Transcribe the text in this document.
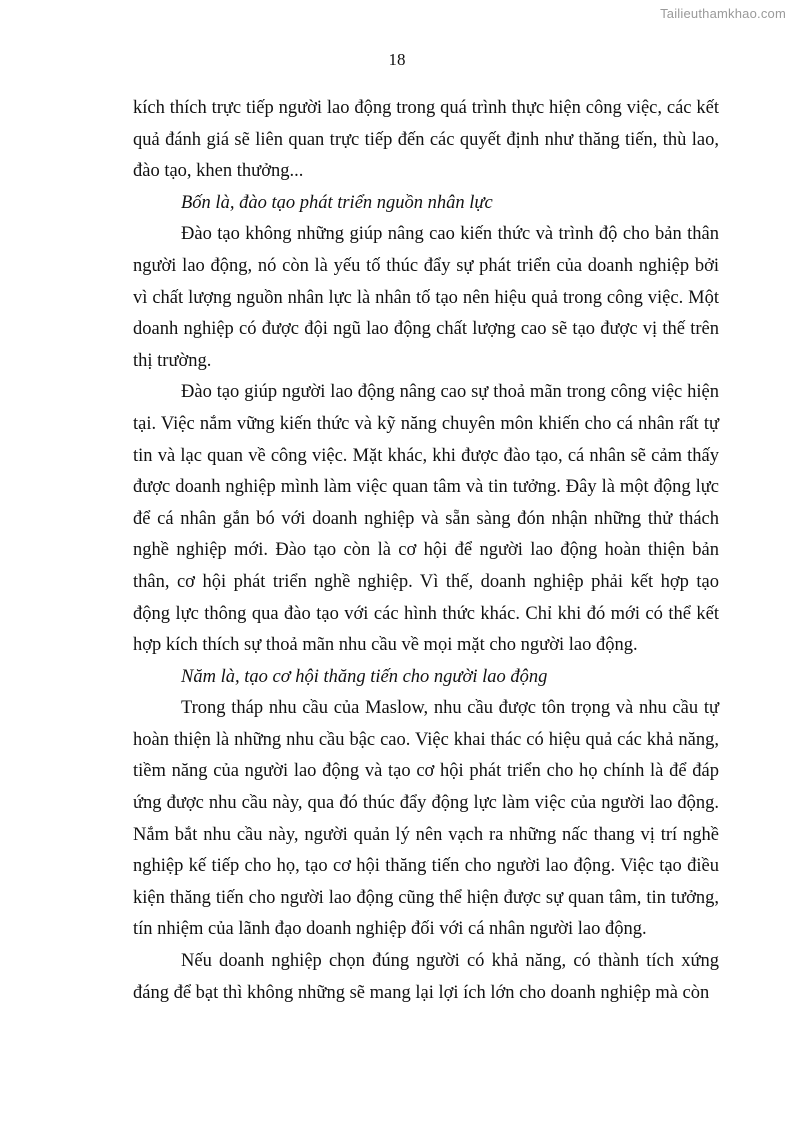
Tailieuthamkhao.com
18

kích thích trực tiếp người lao động trong quá trình thực hiện công việc, các kết quả đánh giá sẽ liên quan trực tiếp đến các quyết định như thăng tiến, thù lao, đào tạo, khen thưởng...

Bốn là, đào tạo phát triển nguồn nhân lực

Đào tạo không những giúp nâng cao kiến thức và trình độ cho bản thân người lao động, nó còn là yếu tố thúc đẩy sự phát triển của doanh nghiệp bởi vì chất lượng nguồn nhân lực là nhân tố tạo nên hiệu quả trong công việc. Một doanh nghiệp có được đội ngũ lao động chất lượng cao sẽ tạo được vị thế trên thị trường.

Đào tạo giúp người lao động nâng cao sự thoả mãn trong công việc hiện tại. Việc nắm vững kiến thức và kỹ năng chuyên môn khiến cho cá nhân rất tự tin và lạc quan về công việc. Mặt khác, khi được đào tạo, cá nhân sẽ cảm thấy được doanh nghiệp mình làm việc quan tâm và tin tưởng. Đây là một động lực để cá nhân gắn bó với doanh nghiệp và sẵn sàng đón nhận những thử thách nghề nghiệp mới. Đào tạo còn là cơ hội để người lao động hoàn thiện bản thân, cơ hội phát triển nghề nghiệp. Vì thế, doanh nghiệp phải kết hợp tạo động lực thông qua đào tạo với các hình thức khác. Chỉ khi đó mới có thể kết hợp kích thích sự thoả mãn nhu cầu về mọi mặt cho người lao động.

Năm là, tạo cơ hội thăng tiến cho người lao động

Trong tháp nhu cầu của Maslow, nhu cầu được tôn trọng và nhu cầu tự hoàn thiện là những nhu cầu bậc cao. Việc khai thác có hiệu quả các khả năng, tiềm năng của người lao động và tạo cơ hội phát triển cho họ chính là để đáp ứng được nhu cầu này, qua đó thúc đẩy động lực làm việc của người lao động. Nắm bắt nhu cầu này, người quản lý nên vạch ra những nấc thang vị trí nghề nghiệp kế tiếp cho họ, tạo cơ hội thăng tiến cho người lao động. Việc tạo điều kiện thăng tiến cho người lao động cũng thể hiện được sự quan tâm, tin tưởng, tín nhiệm của lãnh đạo doanh nghiệp đối với cá nhân người lao động.

Nếu doanh nghiệp chọn đúng người có khả năng, có thành tích xứng đáng để bạt thì không những sẽ mang lại lợi ích lớn cho doanh nghiệp mà còn
